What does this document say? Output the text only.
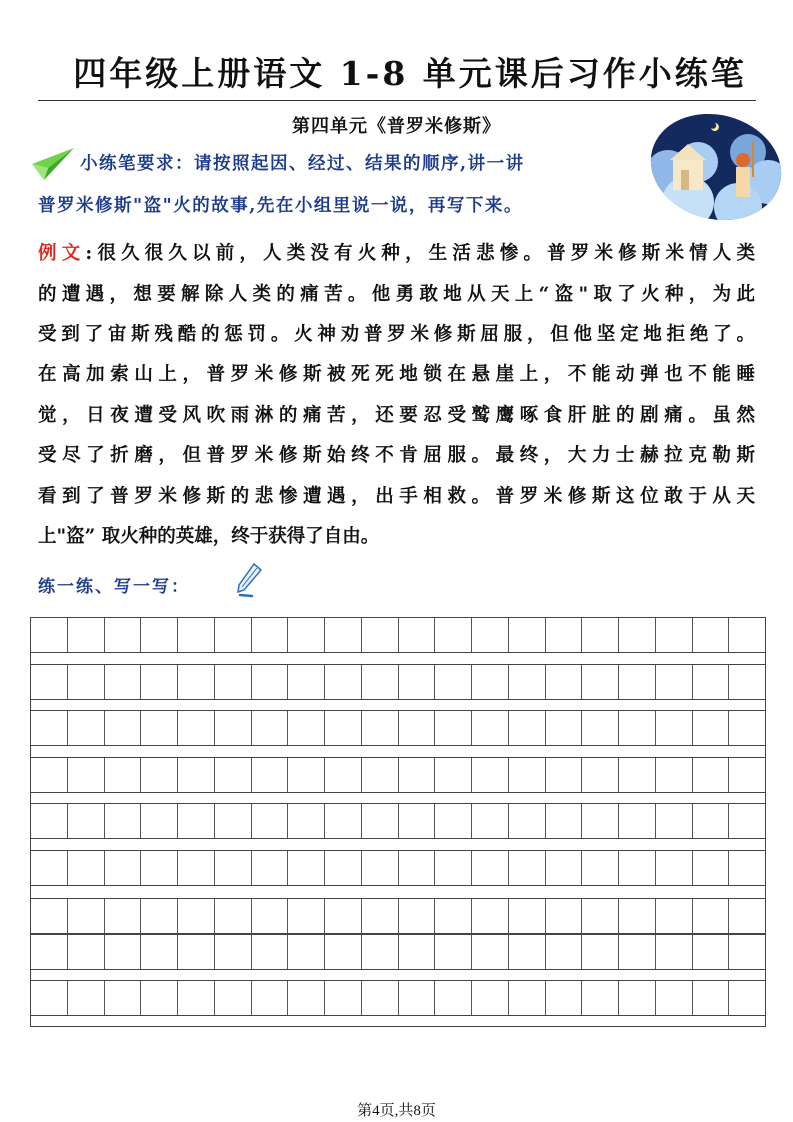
四年级上册语文 1-8 单元课后习作小练笔
第四单元《普罗米修斯》
小练笔要求：请按照起因、经过、结果的顺序,讲一讲
普罗米修斯"盗"火的故事,先在小组里说一说，再写下来。
例文:很久很久以前，人类没有火种，生活悲惨。普罗米修斯米情人类
的遭遇，想要解除人类的痛苦。他勇敢地从天上“盗"取了火种，为此
受到了宙斯残酷的惩罚。火神劝普罗米修斯屈服，但他坚定地拒绝了。
在高加索山上，普罗米修斯被死死地锁在悬崖上，不能动弹也不能睡
觉，日夜遭受风吹雨淋的痛苦，还要忍受鹫鹰啄食肝脏的剧痛。虽然
受尽了折磨，但普罗米修斯始终不肯屈服。最终，大力士赫拉克勒斯
看到了普罗米修斯的悲惨遭遇，出手相救。普罗米修斯这位敢于从天
上"盗” 取火种的英雄，终于获得了自由。
练一练、写一写：
第4页,共8页
